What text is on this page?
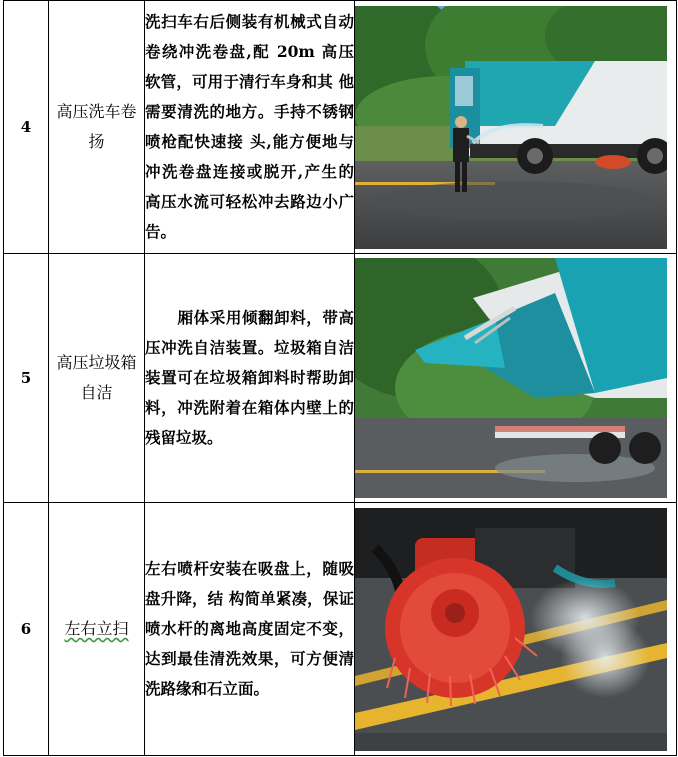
4	高压洗车卷扬	洗扫车右后侧装有机械式自动卷绕冲洗卷盘,配 20m 高压软管，可用于清行车身和其 他需要清洗的地方。手持不锈钢喷枪配快速接 头,能方便地与冲洗卷盘连接或脱开,产生的 高压水流可轻松冲去路边小广告。	

5	高压垃圾箱自洁	厢体采用倾翻卸料，带高压冲洗自洁装置。垃圾箱自洁装置可在垃圾箱卸料时帮助卸料，冲洗附着在箱体内壁上的残留垃圾。	

6	左右立扫	左右喷杆安装在吸盘上，随吸盘升降，结 构简单紧凑，保证喷水杆的离地高度固定不变，达到最佳清洗效果，可方便清洗路缘和石立面。	
